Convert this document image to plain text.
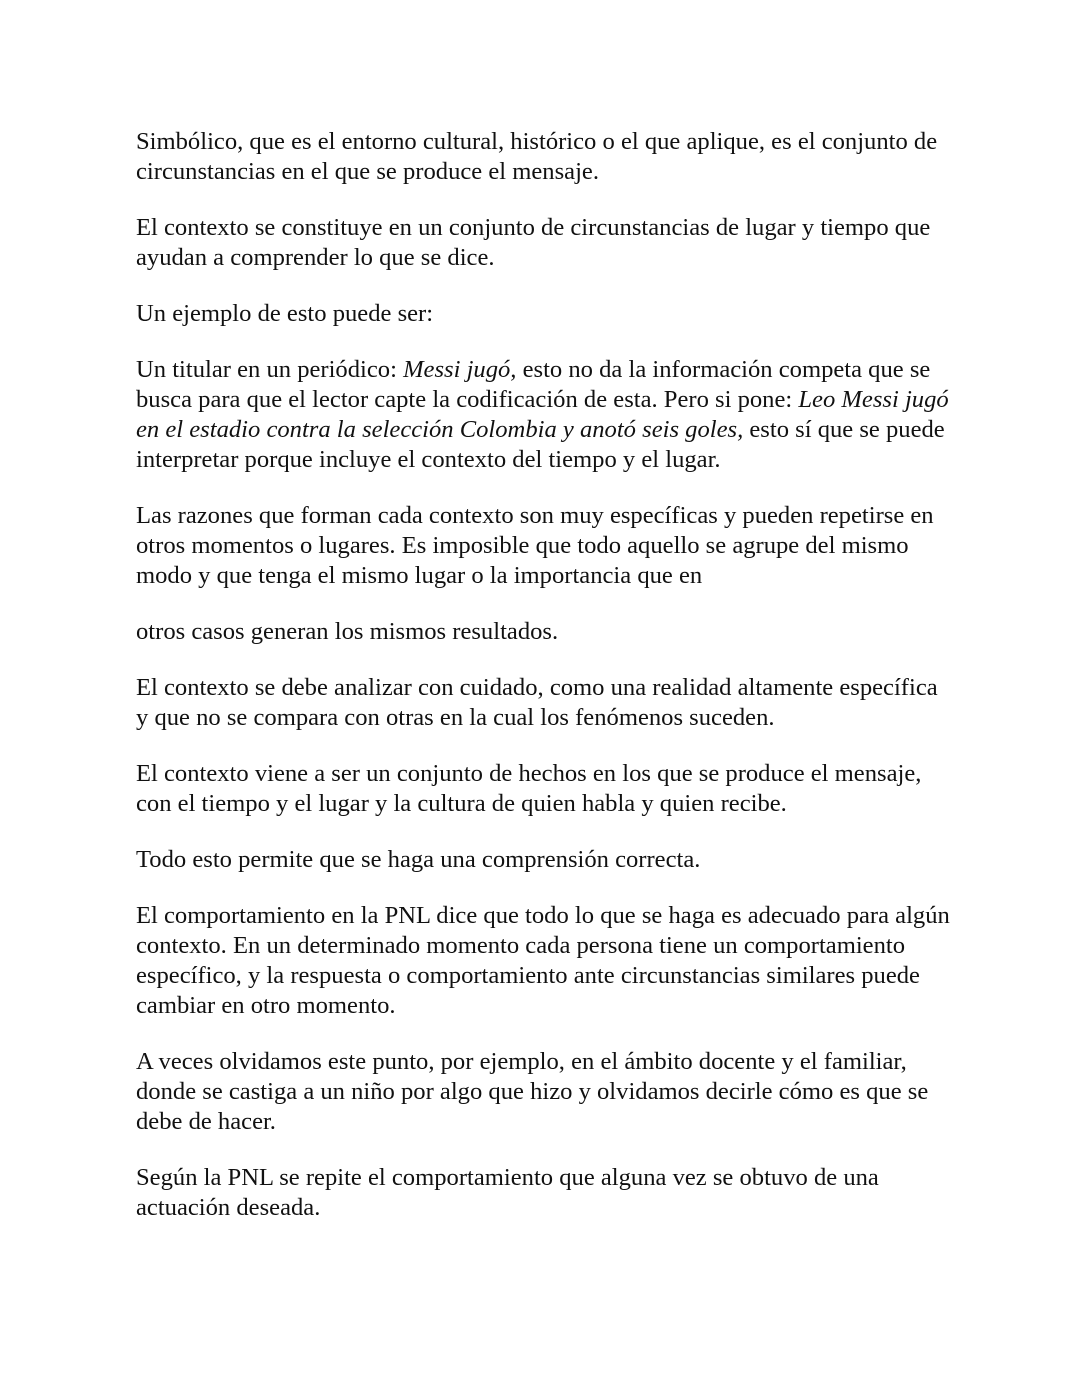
Simbólico, que es el entorno cultural, histórico o el que aplique, es el conjunto de circunstancias en el que se produce el mensaje.

El contexto se constituye en un conjunto de circunstancias de lugar y tiempo que ayudan a comprender lo que se dice.

Un ejemplo de esto puede ser:

Un titular en un periódico: Messi jugó, esto no da la información competa que se busca para que el lector capte la codificación de esta. Pero si pone: Leo Messi jugó en el estadio contra la selección Colombia y anotó seis goles, esto sí que se puede interpretar porque incluye el contexto del tiempo y el lugar.

Las razones que forman cada contexto son muy específicas y pueden repetirse en otros momentos o lugares. Es imposible que todo aquello se agrupe del mismo modo y que tenga el mismo lugar o la importancia que en

otros casos generan los mismos resultados.

El contexto se debe analizar con cuidado, como una realidad altamente específica y que no se compara con otras en la cual los fenómenos suceden.

El contexto viene a ser un conjunto de hechos en los que se produce el mensaje, con el tiempo y el lugar y la cultura de quien habla y quien recibe.

Todo esto permite que se haga una comprensión correcta.

El comportamiento en la PNL dice que todo lo que se haga es adecuado para algún contexto. En un determinado momento cada persona tiene un comportamiento específico, y la respuesta o comportamiento ante circunstancias similares puede cambiar en otro momento.

A veces olvidamos este punto, por ejemplo, en el ámbito docente y el familiar, donde se castiga a un niño por algo que hizo y olvidamos decirle cómo es que se debe de hacer.

Según la PNL se repite el comportamiento que alguna vez se obtuvo de una actuación deseada.
